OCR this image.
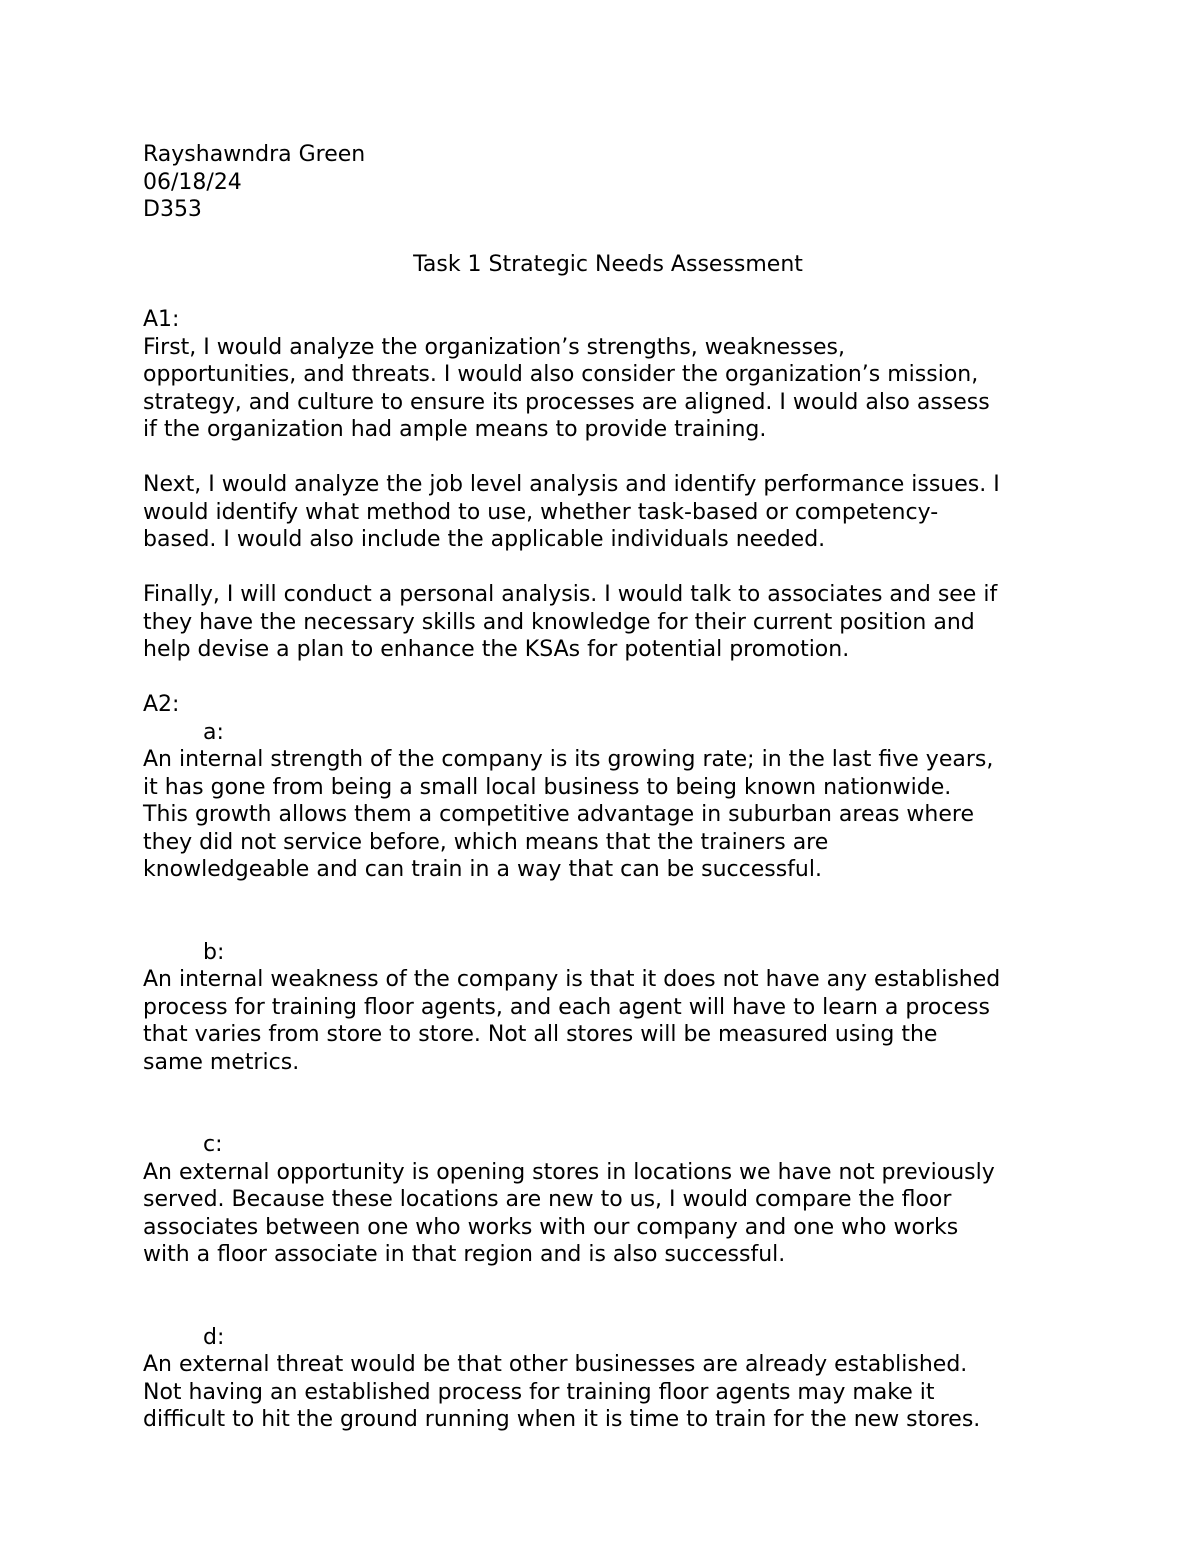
Rayshawndra Green
06/18/24
D353
Task 1 Strategic Needs Assessment
A1:
First, I would analyze the organization’s strengths, weaknesses,
opportunities, and threats. I would also consider the organization’s mission,
strategy, and culture to ensure its processes are aligned. I would also assess
if the organization had ample means to provide training.
Next, I would analyze the job level analysis and identify performance issues. I
would identify what method to use, whether task-based or competency-
based. I would also include the applicable individuals needed.
Finally, I will conduct a personal analysis. I would talk to associates and see if
they have the necessary skills and knowledge for their current position and
help devise a plan to enhance the KSAs for potential promotion.
A2:
a:
An internal strength of the company is its growing rate; in the last five years,
it has gone from being a small local business to being known nationwide.
This growth allows them a competitive advantage in suburban areas where
they did not service before, which means that the trainers are
knowledgeable and can train in a way that can be successful.
b:
An internal weakness of the company is that it does not have any established
process for training floor agents, and each agent will have to learn a process
that varies from store to store. Not all stores will be measured using the
same metrics.
c:
An external opportunity is opening stores in locations we have not previously
served. Because these locations are new to us, I would compare the floor
associates between one who works with our company and one who works
with a floor associate in that region and is also successful.
d:
An external threat would be that other businesses are already established.
Not having an established process for training floor agents may make it
difficult to hit the ground running when it is time to train for the new stores.
